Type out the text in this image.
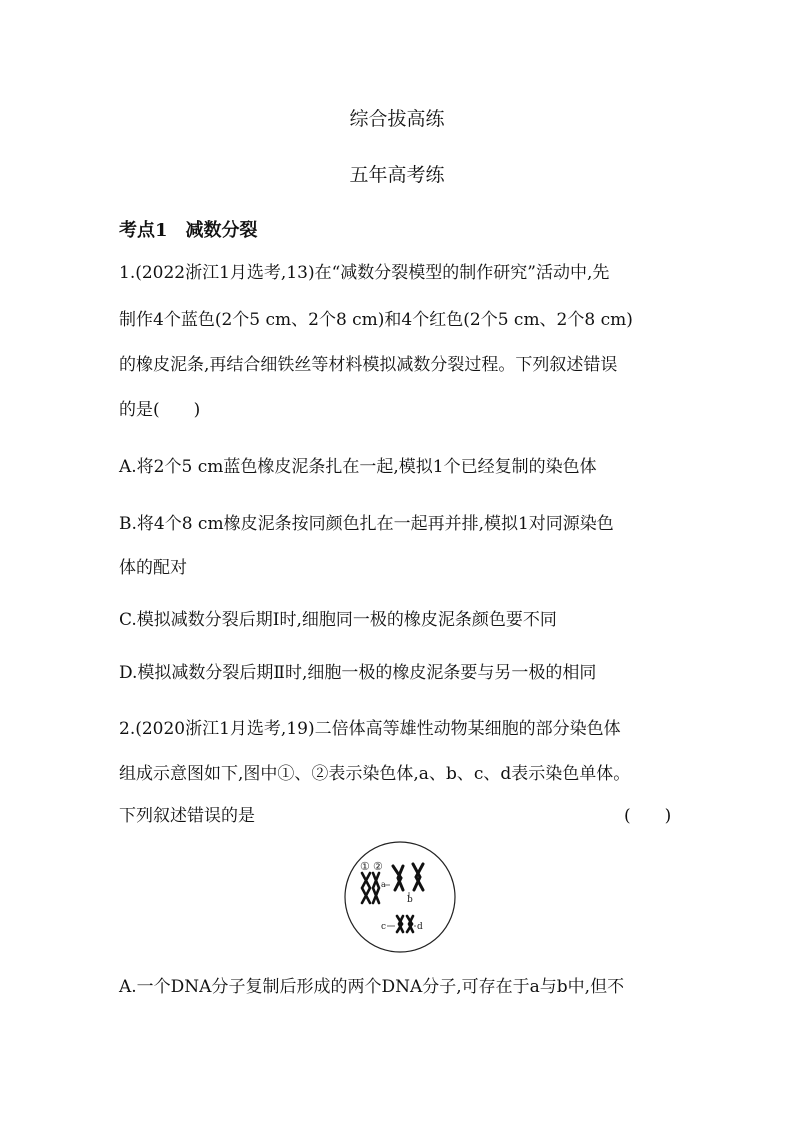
综合拔高练
五年高考练
考点1　减数分裂
1.(2022浙江1月选考,13)在“减数分裂模型的制作研究”活动中,先
制作4个蓝色(2个5 cm、2个8 cm)和4个红色(2个5 cm、2个8 cm)
的橡皮泥条,再结合细铁丝等材料模拟减数分裂过程。下列叙述错误
的是(　　)
A.将2个5 cm蓝色橡皮泥条扎在一起,模拟1个已经复制的染色体
B.将4个8 cm橡皮泥条按同颜色扎在一起再并排,模拟1对同源染色
体的配对
C.模拟减数分裂后期Ⅰ时,细胞同一极的橡皮泥条颜色要不同
D.模拟减数分裂后期Ⅱ时,细胞一极的橡皮泥条要与另一极的相同
2.(2020浙江1月选考,19)二倍体高等雄性动物某细胞的部分染色体
组成示意图如下,图中①、②表示染色体,a、b、c、d表示染色单体。
下列叙述错误的是	(　　)
① ②
a
b
c	d
A.一个DNA分子复制后形成的两个DNA分子,可存在于a与b中,但不
